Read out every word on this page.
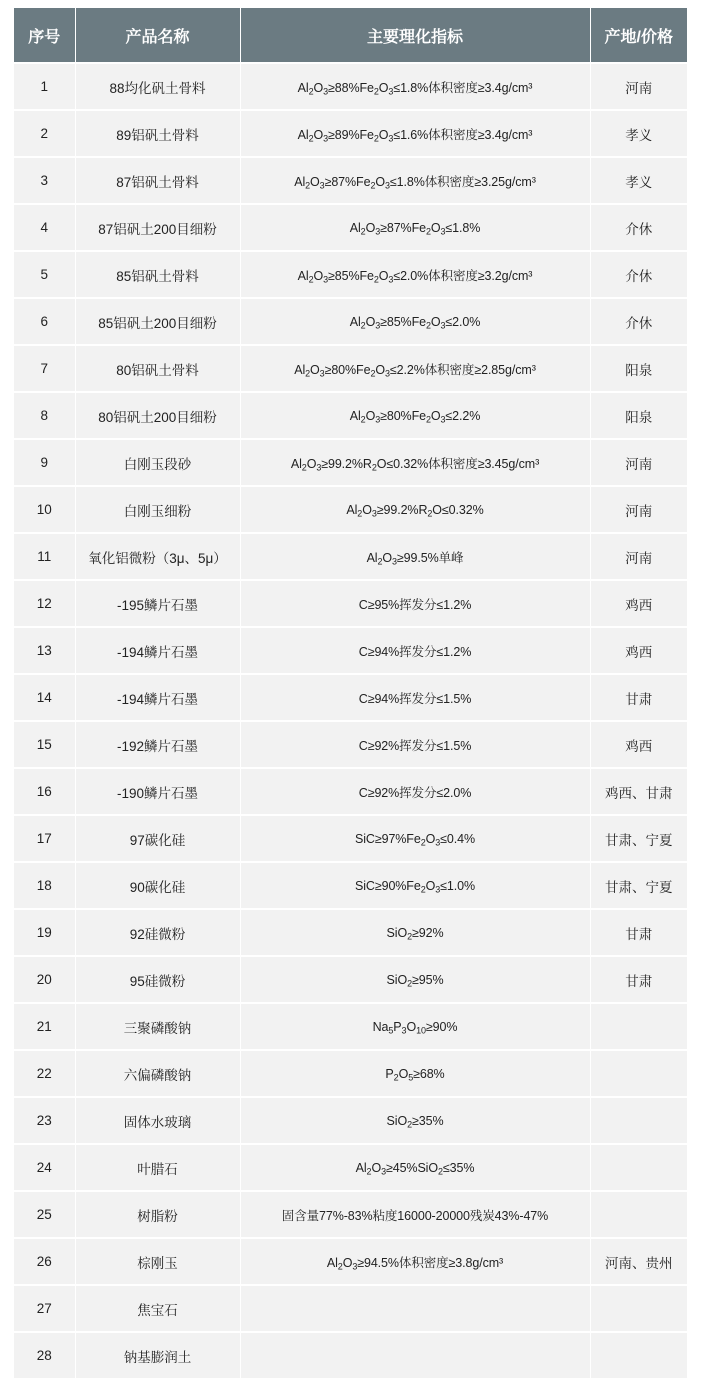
序号	产品名称	主要理化指标	产地/价格
1	88均化矾土骨料	$Al_2O_3\ge 88\%Fe_2O_3\le 1.8\%$体积密度≥3.4g/cm³	河南
2	89铝矾土骨料	$Al_2O_3\ge 89\%Fe_2O_3\le 1.6\%$体积密度≥3.4g/cm³	孝义
3	87铝矾土骨料	$Al_2O_3\ge 87\%Fe_2O_3\le 1.8\%$体积密度≥3.25g/cm³	孝义
4	87铝矾土200目细粉	$Al_2O_3\ge 87\%Fe_2O_3\le 1.8\%$	介休
5	85铝矾土骨料	$Al_2O_3\ge 85\%Fe_2O_3\le 2.0\%$体积密度≥3.2g/cm³	介休
6	85铝矾土200目细粉	$Al_2O_3\ge 85\%Fe_2O_3\le 2.0\%$	介休
7	80铝矾土骨料	$Al_2O_3\ge 80\%Fe_2O_3\le 2.2\%$体积密度≥2.85g/cm³	阳泉
8	80铝矾土200目细粉	$Al_2O_3\ge 80\%Fe_2O_3\le 2.2\%$	阳泉
9	白刚玉段砂	$Al_2O_3\ge 99.2\%R_2O\le 0.32\%$体积密度≥3.45g/cm³	河南
10	白刚玉细粉	$Al_2O_3\ge 99.2\%R_2O\le 0.32\%$	河南
11	氧化铝微粉（3μ、5μ）	$Al_2O_3\ge 99.5\%$单峰	河南
12	-195鳞片石墨	C≥95%挥发分≤1.2%	鸡西
13	-194鳞片石墨	C≥94%挥发分≤1.2%	鸡西
14	-194鳞片石墨	C≥94%挥发分≤1.5%	甘肃
15	-192鳞片石墨	C≥92%挥发分≤1.5%	鸡西
16	-190鳞片石墨	C≥92%挥发分≤2.0%	鸡西、甘肃
17	97碳化硅	$SiC\ge 97\%Fe_2O_3\le 0.4\%$	甘肃、宁夏
18	90碳化硅	$SiC\ge 90\%Fe_2O_3\le 1.0\%$	甘肃、宁夏
19	92硅微粉	SiO$_2$≥92%	甘肃
20	95硅微粉	SiO$_2$≥95%	甘肃
21	三聚磷酸钠	$Na_5P_3O_{10}\ge 90\%$	
22	六偏磷酸钠	$P_2O_5\ge 68\%$	
23	固体水玻璃	SiO$_2$≥35%	
24	叶腊石	$Al_2O_3\ge 45\%SiO_2\le 35\%$	
25	树脂粉	固含量77%-83%粘度16000-20000残炭43%-47%	
26	棕刚玉	$Al_2O_3\ge 94.5\%$体积密度≥3.8g/cm³	河南、贵州
27	焦宝石		
28	钠基膨润土		
